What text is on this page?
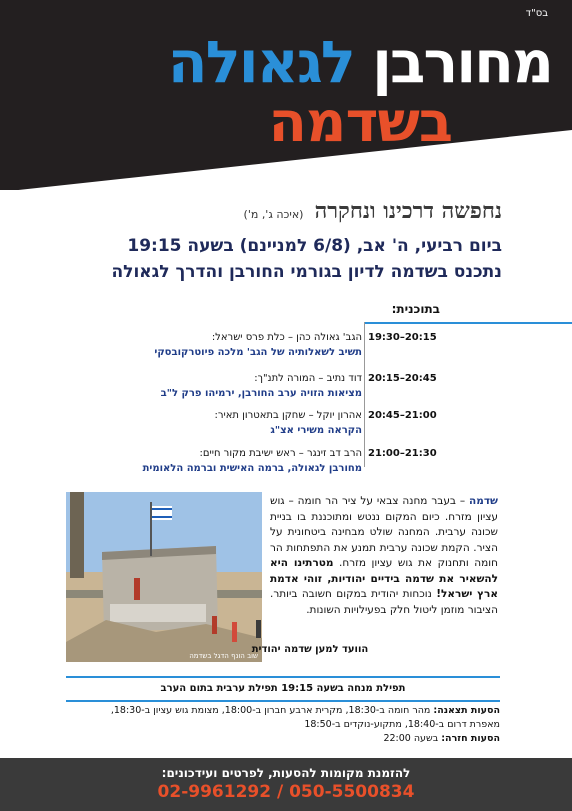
בס"ד
מחורבן לגאולה
בשדמה
נחפשה דרכינו ונחקרה (איכה ג', מ')
ביום רביעי, ה' אב, (6/8 למניינם) בשעה 19:15
נתכנס בשדמה לדיון בגורמי החורבן והדרך לגאולה
בתוכנית:
19:30–20:15
הגב' גאולה כהן – כלת פרס ישראל:
תשיב לשאלותיה של הגב' מלכה פיוטרקובסקי
20:15–20:45
דוד נתיב – המורה לתנ"ך:
מציאות הזויה ערב החורבן, ירמיהו פרק ל"ב
20:45–21:00
אהרון יוקל – שחקן בתאטרון תאיר:
הקראה משירי אצ"ג
21:00–21:30
הרב דב זינגר – ראש ישיבת מקור חיים:
מחורבן לגאולה, ברמה האישית וברמה הלאומית
שוב הונף הדגל בשדמה
שדמה – בעבר מחנה צבאי על ציר הר חומה – גוש עציון מזרח. כיום המקום ננטש ומתוכננת בו בניית שכונה ערבית. המחנה שולט מבחינה ביטחונית על הציר. הקמת שכונה ערבית תמנע את התפתחות הר חומה ותחנוק את גוש עציון מזרח. מטרתינו היא להשאיר את שדמה בידיים יהודיות, זוהי אדמת ארץ ישראל! נוכחות יהודית במקום חשובה ביותר. הציבור מוזמן ליטול חלק בפעילויות השונות.
הוועד למען שדמה יהודית
תפילת מנחה בשעה 19:15 תפילת ערבית בתום הערב
הסעות תצאנה: מהר חומה ב-18:30, מקרית ארבע חברון ב-18:00, מצומת גוש עציון ב-18:30,
מאפרת דרום ב-18:40, מתקוע-נוקדים ב-18:50
הסעות חזרה: בשעה 22:00
להזמנת מקומות להסעות, לפרטים ועידכונים:
02-9961292 / 050-5500834
